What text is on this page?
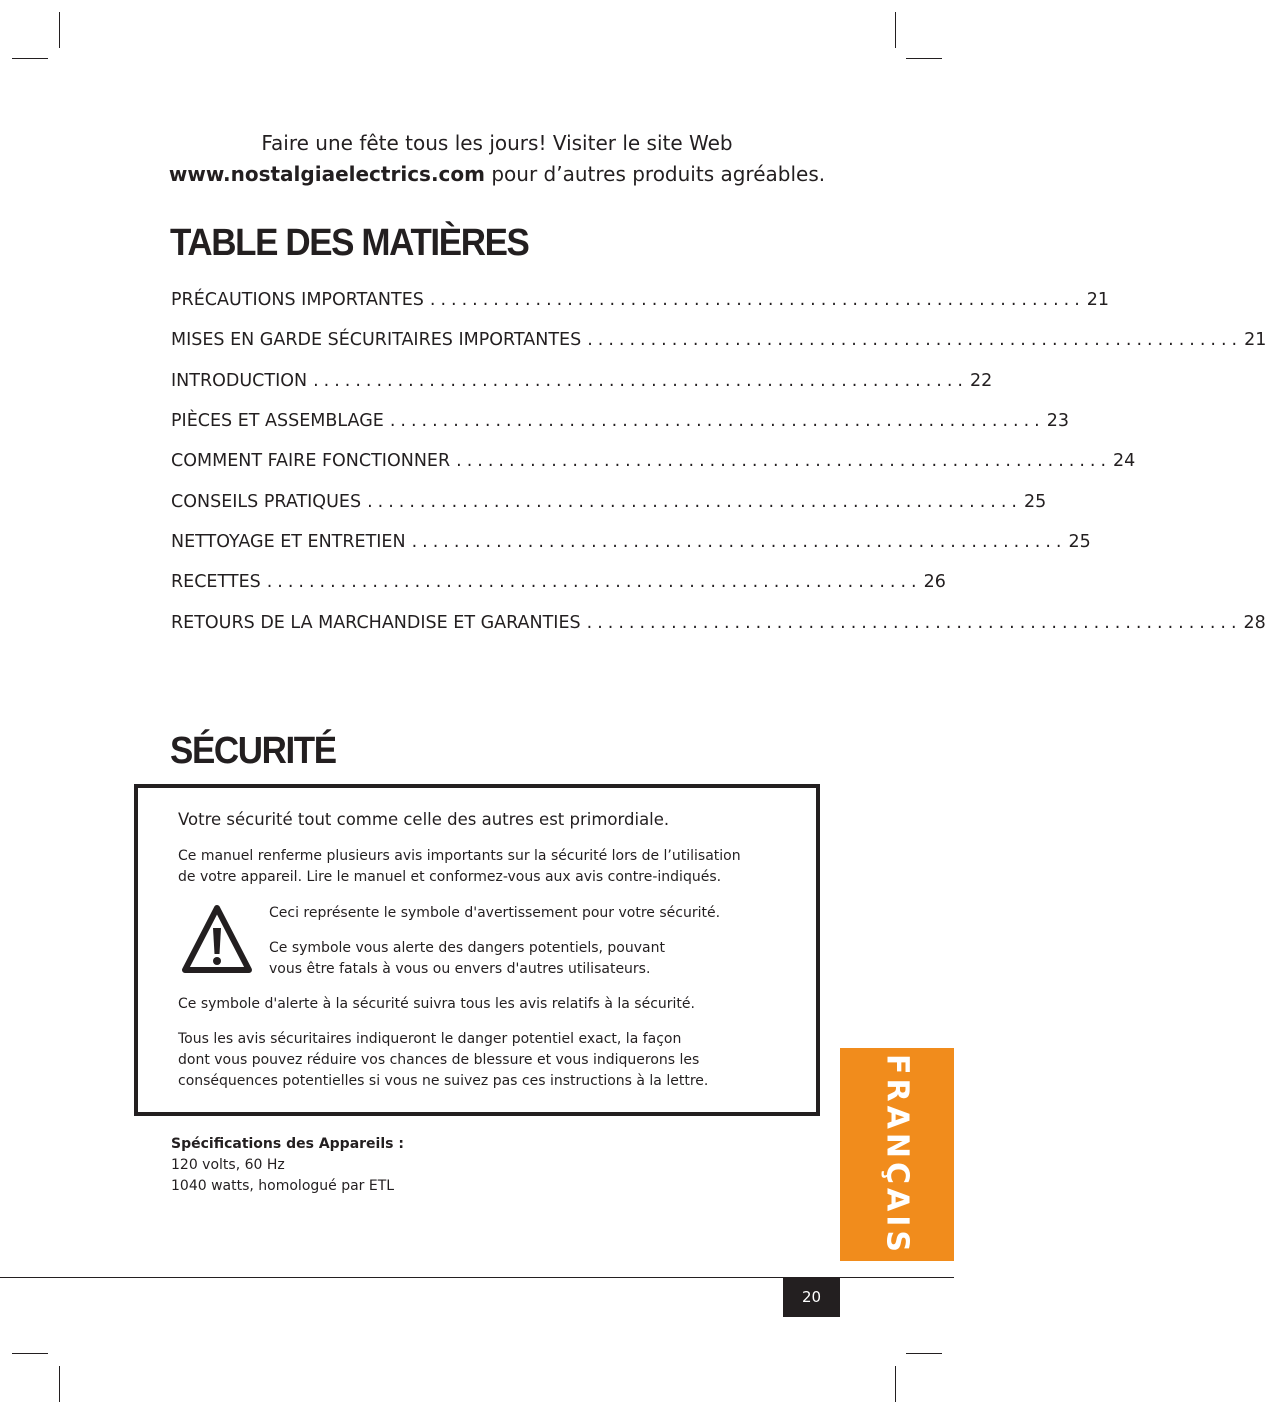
Faire une fête tous les jours! Visiter le site Web
www.nostalgiaelectrics.com pour d’autres produits agréables.
TABLE DES MATIÈRES
PRÉCAUTIONS IMPORTANTES .............................................................. 21
MISES EN GARDE SÉCURITAIRES IMPORTANTES .............................................................. 21
INTRODUCTION .............................................................. 22
PIÈCES ET ASSEMBLAGE .............................................................. 23
COMMENT FAIRE FONCTIONNER .............................................................. 24
CONSEILS PRATIQUES .............................................................. 25
NETTOYAGE ET ENTRETIEN .............................................................. 25
RECETTES .............................................................. 26
RETOURS DE LA MARCHANDISE ET GARANTIES .............................................................. 28
SÉCURITÉ
Votre sécurité tout comme celle des autres est primordiale.
Ce manuel renferme plusieurs avis importants sur la sécurité lors de l’utilisation
de votre appareil. Lire le manuel et conformez-vous aux avis contre-indiqués.
Ceci représente le symbole d'avertissement pour votre sécurité.
Ce symbole vous alerte des dangers potentiels, pouvant
vous être fatals à vous ou envers d'autres utilisateurs.
Ce symbole d'alerte à la sécurité suivra tous les avis relatifs à la sécurité.
Tous les avis sécuritaires indiqueront le danger potentiel exact, la façon
dont vous pouvez réduire vos chances de blessure et vous indiquerons les
conséquences potentielles si vous ne suivez pas ces instructions à la lettre.
Spécifications des Appareils :
120 volts, 60 Hz
1040 watts, homologué par ETL	FRANÇAIS
20
